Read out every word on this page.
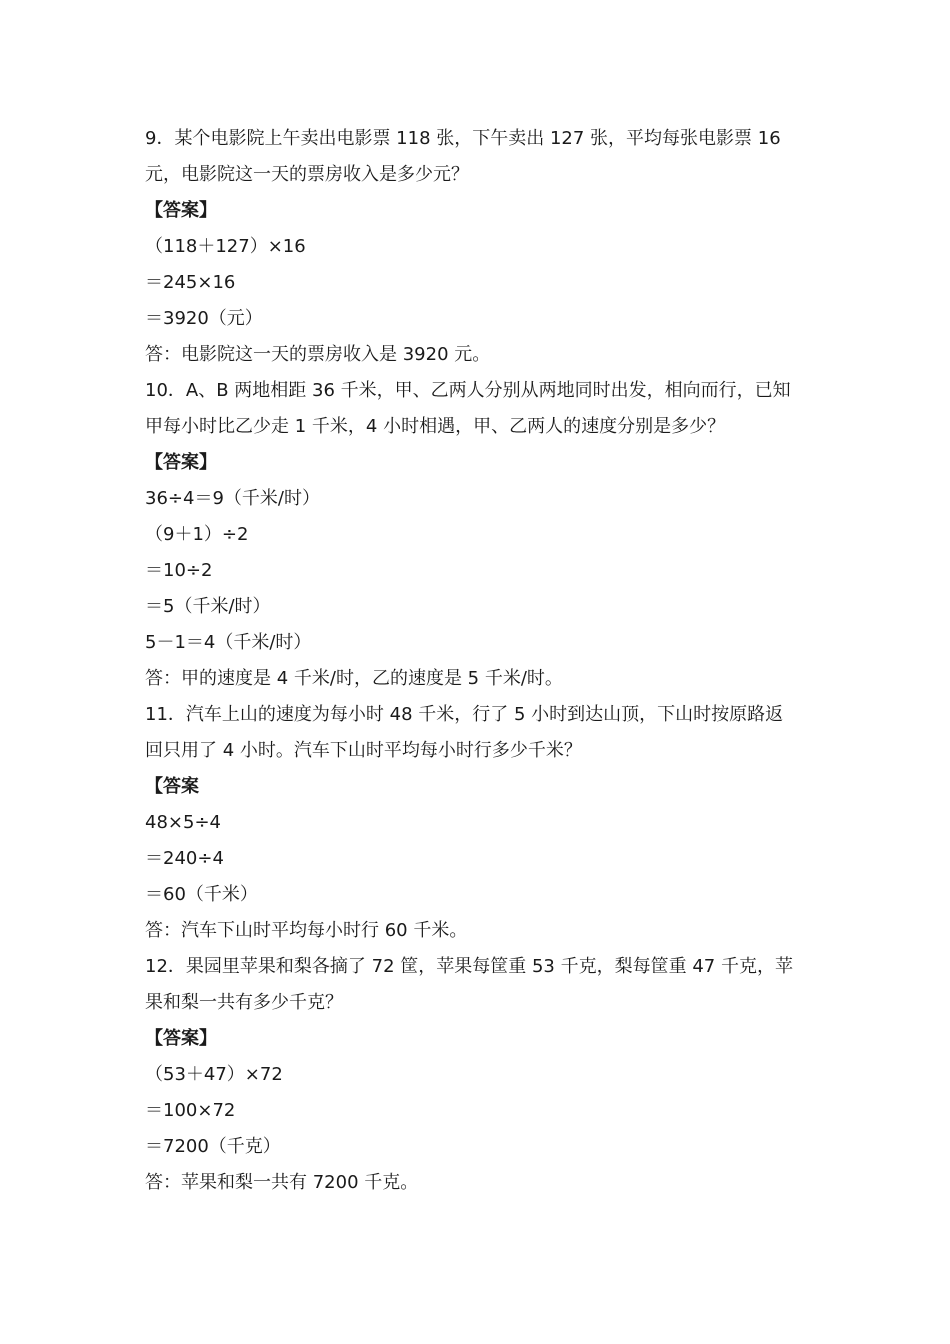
9．某个电影院上午卖出电影票 118 张，下午卖出 127 张，平均每张电影票 16
元，电影院这一天的票房收入是多少元？
【答案】
（118＋127）×16
＝245×16
＝3920（元）
答：电影院这一天的票房收入是 3920 元。
10．A、B 两地相距 36 千米，甲、乙两人分别从两地同时出发，相向而行，已知
甲每小时比乙少走 1 千米，4 小时相遇，甲、乙两人的速度分别是多少？
【答案】
36÷4＝9（千米/时）
（9＋1）÷2
＝10÷2
＝5（千米/时）
5－1＝4（千米/时）
答：甲的速度是 4 千米/时，乙的速度是 5 千米/时。
11．汽车上山的速度为每小时 48 千米，行了 5 小时到达山顶，下山时按原路返
回只用了 4 小时。汽车下山时平均每小时行多少千米？
【答案
48×5÷4
＝240÷4
＝60（千米）
答：汽车下山时平均每小时行 60 千米。
12．果园里苹果和梨各摘了 72 筐，苹果每筐重 53 千克，梨每筐重 47 千克，苹
果和梨一共有多少千克？
【答案】
（53＋47）×72
＝100×72
＝7200（千克）
答：苹果和梨一共有 7200 千克。
